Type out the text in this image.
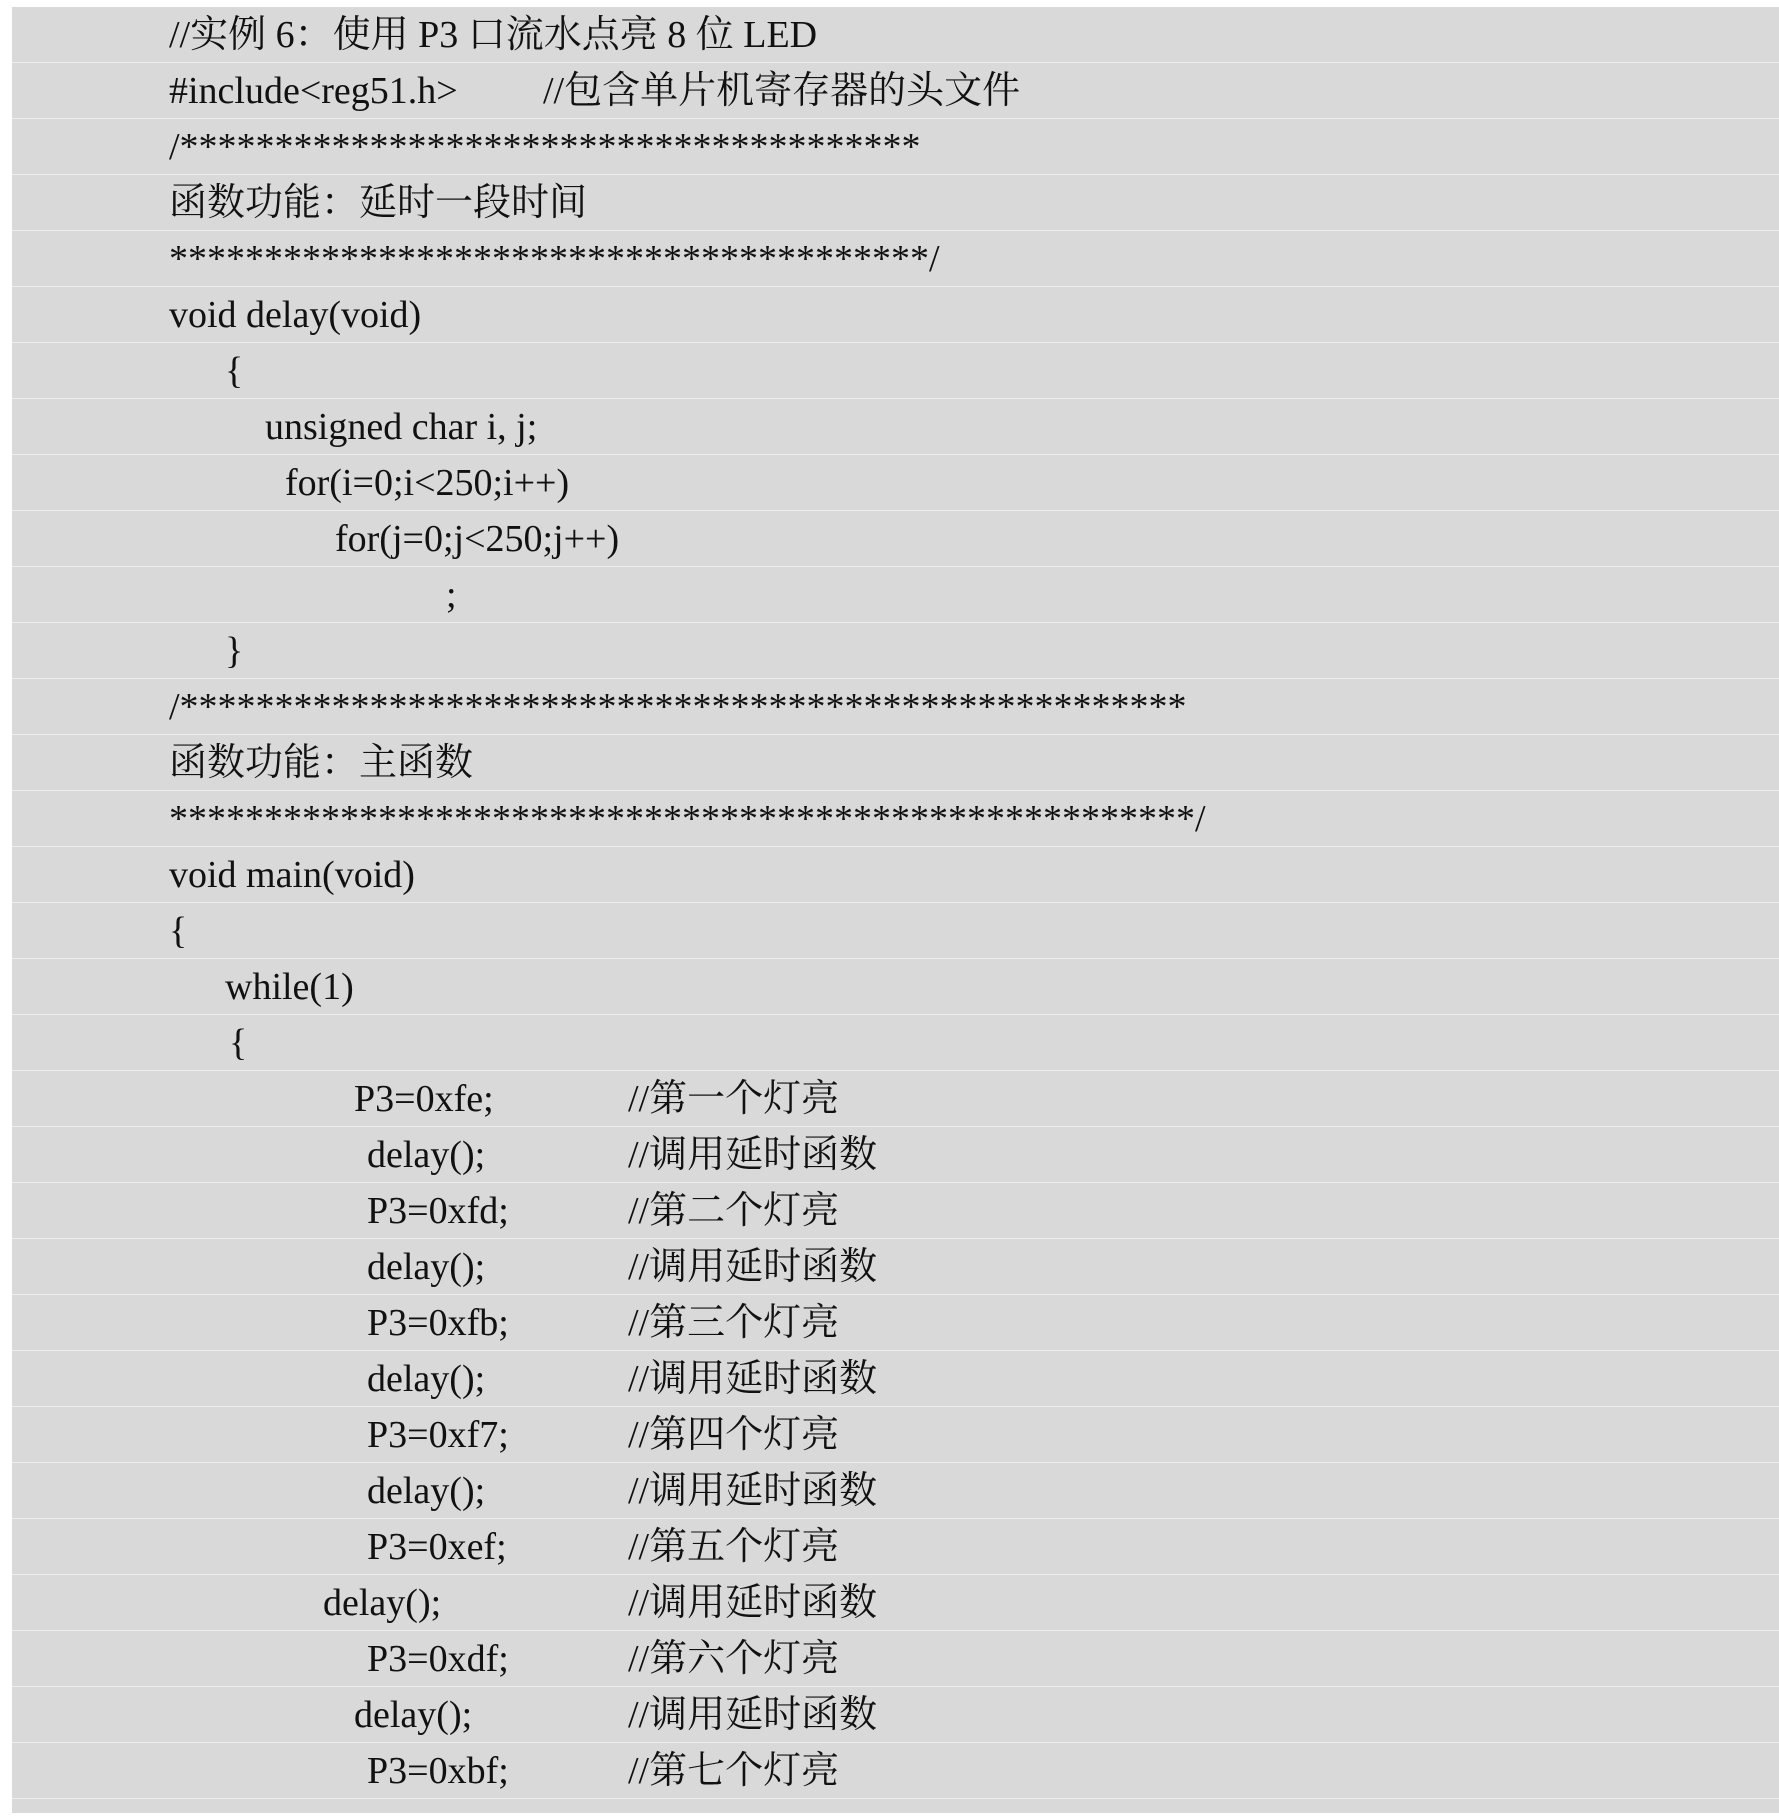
//实例 6：使用 P3 口流水点亮 8 位 LED
#include<reg51.h> //包含单片机寄存器的头文件
/***************************************
函数功能：延时一段时间
****************************************/
void delay(void)
{
unsigned char i, j;
for(i=0;i<250;i++)
for(j=0;j<250;j++)
;
}
/*****************************************************
函数功能：主函数
******************************************************/
void main(void)
{
while(1)
{
P3=0xfe;	//第一个灯亮
delay();	//调用延时函数
P3=0xfd;	//第二个灯亮
delay();	//调用延时函数
P3=0xfb;	//第三个灯亮
delay();	//调用延时函数
P3=0xf7;	//第四个灯亮
delay();	//调用延时函数
P3=0xef;	//第五个灯亮
delay();	//调用延时函数
P3=0xdf;	//第六个灯亮
delay();	//调用延时函数
P3=0xbf;	//第七个灯亮
